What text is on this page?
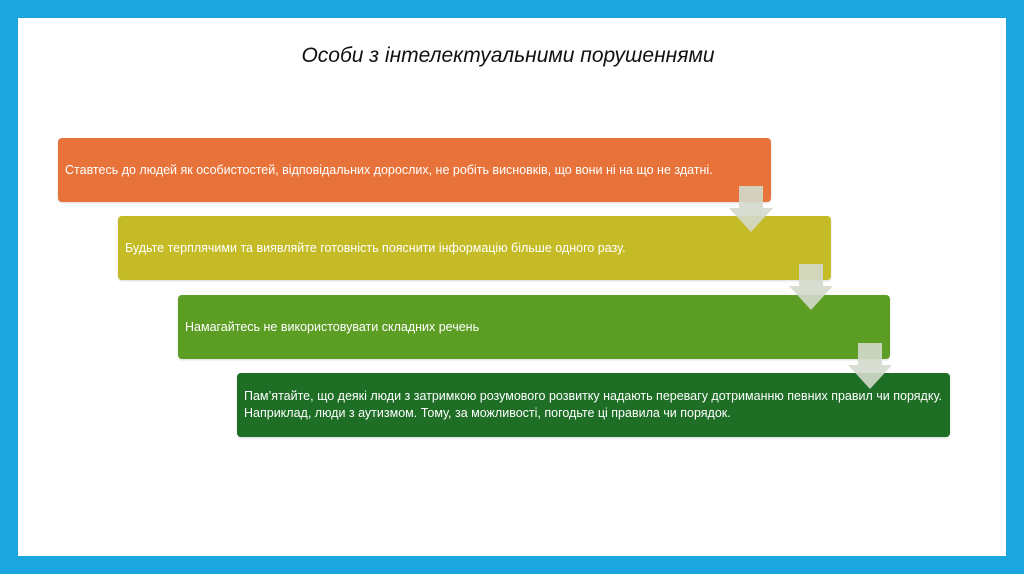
Особи з інтелектуальними порушеннями
Ставтесь до людей як особистостей, відповідальних дорослих, не робіть висновків, що вони ні на що не здатні.
Будьте терплячими та виявляйте готовність пояснити інформацію більше одного разу.
Намагайтесь не використовувати складних речень
Пам’ятайте, що деякі люди з затримкою розумового розвитку надають перевагу дотриманню певних правил чи порядку. Наприклад, люди з аутизмом. Тому, за можливості, погодьте ці правила чи порядок.
